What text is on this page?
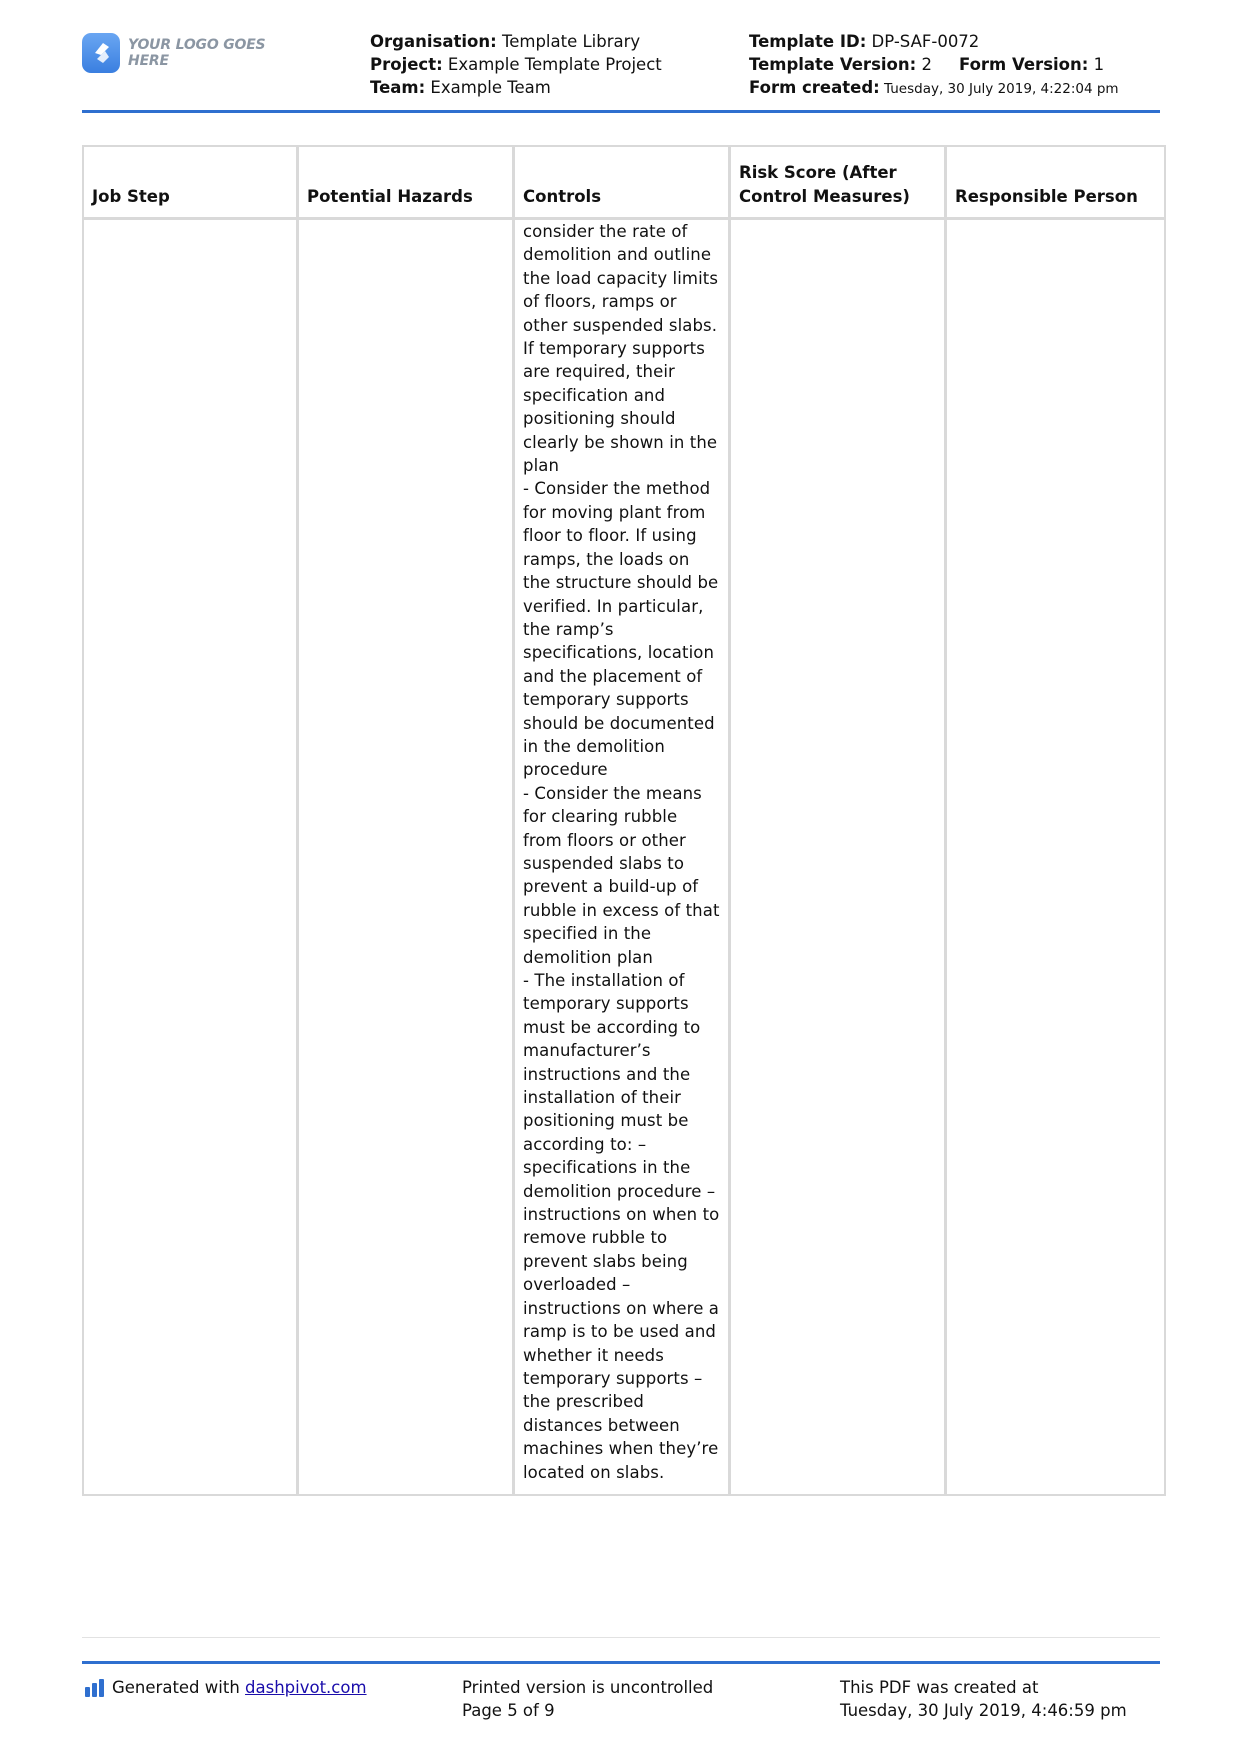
YOUR LOGO GOES HERE
Organisation: Template Library
Project: Example Template Project
Team: Example Team
Template ID: DP-SAF-0072
Template Version: 2 Form Version: 1
Form created: Tuesday, 30 July 2019, 4:22:04 pm
Job Step	Potential Hazards	Controls	Risk Score (After Control Measures)	Responsible Person

		consider the rate of demolition and outline the load capacity limits of floors, ramps or other suspended slabs. If temporary supports are required, their specification and positioning should clearly be shown in the plan
- Consider the method for moving plant from floor to floor. If using ramps, the loads on the structure should be verified. In particular, the ramp’s specifications, location and the placement of temporary supports should be documented in the demolition procedure
- Consider the means for clearing rubble from floors or other suspended slabs to prevent a build-up of rubble in excess of that specified in the demolition plan
- The installation of temporary supports must be according to manufacturer’s instructions and the installation of their positioning must be according to: – specifications in the demolition procedure – instructions on when to remove rubble to prevent slabs being overloaded – instructions on where a ramp is to be used and whether it needs temporary supports – the prescribed distances between machines when they’re located on slabs.		

Generated with dashpivot.com	Printed version is uncontrolled
Page 5 of 9
This PDF was created at
Tuesday, 30 July 2019, 4:46:59 pm
